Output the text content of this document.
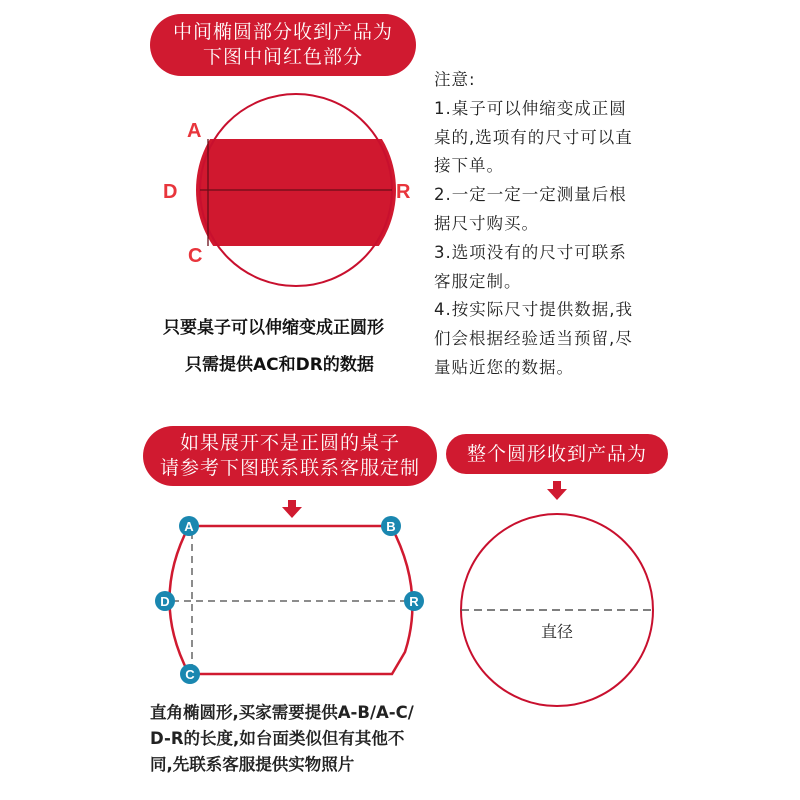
中间椭圆部分收到产品为
下图中间红色部分
A
D
C
R
A	B
D	R
C
直径
只要桌子可以伸缩变成正圆形
只需提供AC和DR的数据
注意:
1.桌子可以伸缩变成正圆
桌的,选项有的尺寸可以直
接下单。
2.一定一定一定测量后根
据尺寸购买。
3.选项没有的尺寸可联系
客服定制。
4.按实际尺寸提供数据,我
们会根据经验适当预留,尽
量贴近您的数据。
如果展开不是正圆的桌子
请参考下图联系联系客服定制
整个圆形收到产品为
直角椭圆形,买家需要提供A-B/A-C/
D-R的长度,如台面类似但有其他不
同,先联系客服提供实物照片
